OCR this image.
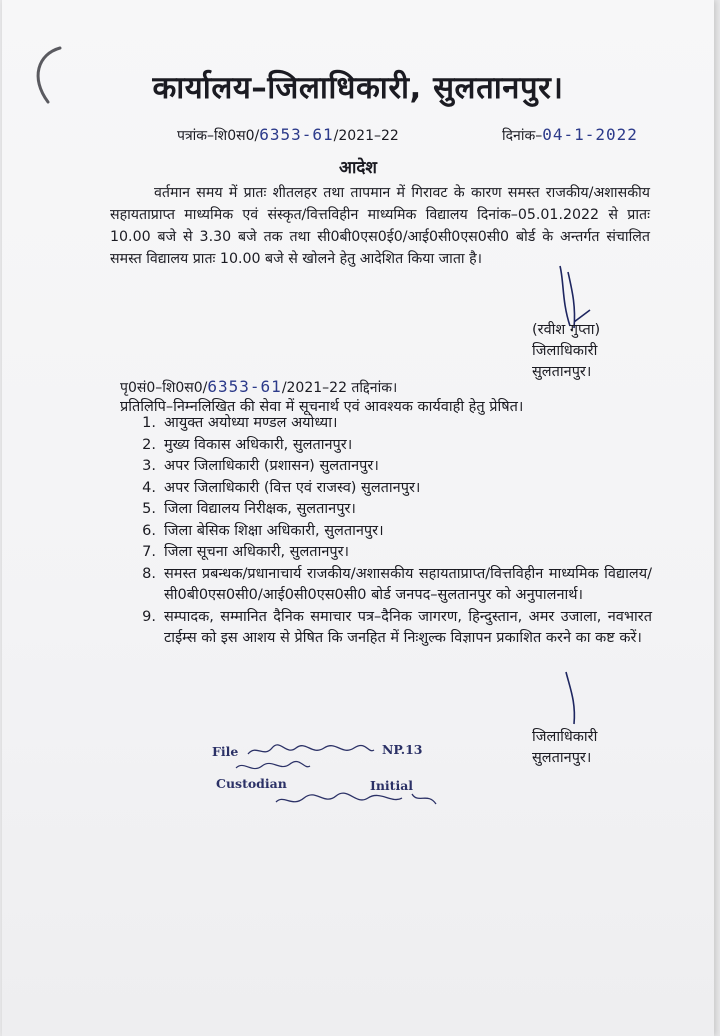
कार्यालय–जिलाधिकारी, सुलतानपुर।
पत्रांक–शि0स0/6353-61/2021–22	दिनांक–04-1-2022
आदेश
वर्तमान समय में प्रातः शीतलहर तथा तापमान में गिरावट के कारण समस्त राजकीय/अशासकीय सहायताप्राप्त माध्यमिक एवं संस्कृत/वित्तविहीन माध्यमिक विद्यालय दिनांक–05.01.2022 से प्रातः 10.00 बजे से 3.30 बजे तक तथा सी0बी0एस0ई0/आई0सी0एस0सी0 बोर्ड के अन्तर्गत संचालित समस्त विद्यालय प्रातः 10.00 बजे से खोलने हेतु आदेशित किया जाता है।
(रवीश गुप्ता)
जिलाधिकारी
सुलतानपुर।
पृ0सं0–शि0स0/6353-61/2021–22 तद्दिनांक।
प्रतिलिपि–निम्नलिखित की सेवा में सूचनार्थ एवं आवश्यक कार्यवाही हेतु प्रेषित।
1. आयुक्त अयोध्या मण्डल अयोध्या।
2. मुख्य विकास अधिकारी, सुलतानपुर।
3. अपर जिलाधिकारी (प्रशासन) सुलतानपुर।
4. अपर जिलाधिकारी (वित्त एवं राजस्व) सुलतानपुर।
5. जिला विद्यालय निरीक्षक, सुलतानपुर।
6. जिला बेसिक शिक्षा अधिकारी, सुलतानपुर।
7. जिला सूचना अधिकारी, सुलतानपुर।
8. समस्त प्रबन्धक/प्रधानाचार्य राजकीय/अशासकीय सहायताप्राप्त/वित्तविहीन माध्यमिक विद्यालय/ सी0बी0एस0सी0/आई0सी0एस0सी0 बोर्ड जनपद–सुलतानपुर को अनुपालनार्थ।
9. सम्पादक, सम्मानित दैनिक समाचार पत्र–दैनिक जागरण, हिन्दुस्तान, अमर उजाला, नवभारत टाईम्स को इस आशय से प्रेषित कि जनहित में निःशुल्क विज्ञापन प्रकाशित करने का कष्ट करें।
जिलाधिकारी
सुलतानपुर।
File	NP.13
Custodian	Initial
